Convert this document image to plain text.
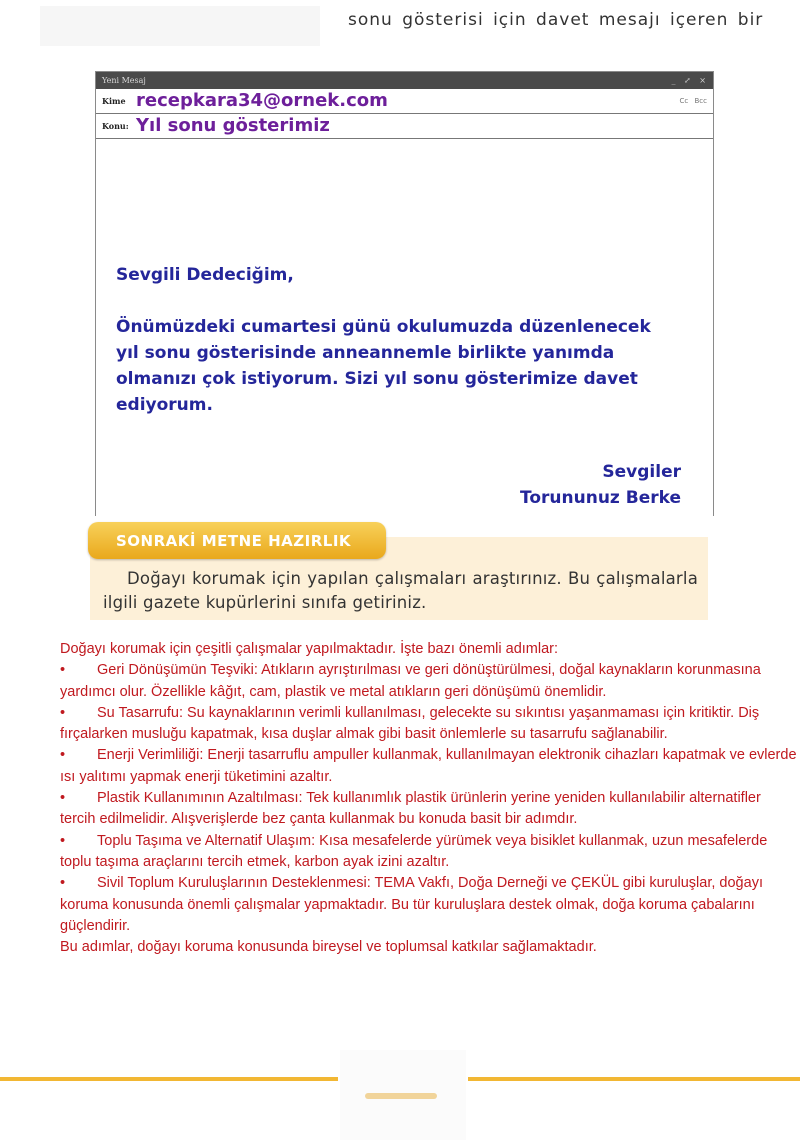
sonu gösterisi için davet mesajı içeren bir
Yeni Mesaj	_ ⤢ ×
Kime recepkara34@ornek.com	Cc Bcc
Konu: Yıl sonu gösterimiz
Sevgili Dedeciğim,
Önümüzdeki cumartesi günü okulumuzda düzenlenecek yıl sonu gösterisinde anneannemle birlikte yanımda olmanızı çok istiyorum. Sizi yıl sonu gösterimize davet ediyorum.
Sevgiler
Torununuz Berke
SONRAKİ METNE HAZIRLIK
Doğayı korumak için yapılan çalışmaları araştırınız. Bu çalışmalarla ilgili gazete kupürlerini sınıfa getiriniz.

Doğayı korumak için çeşitli çalışmalar yapılmaktadır. İşte bazı önemli adımlar:

• Geri Dönüşümün Teşviki: Atıkların ayrıştırılması ve geri dönüştürülmesi, doğal kaynakların korunmasına yardımcı olur. Özellikle kâğıt, cam, plastik ve metal atıkların geri dönüşümü önemlidir.

• Su Tasarrufu: Su kaynaklarının verimli kullanılması, gelecekte su sıkıntısı yaşanmaması için kritiktir. Diş fırçalarken musluğu kapatmak, kısa duşlar almak gibi basit önlemlerle su tasarrufu sağlanabilir.

• Enerji Verimliliği: Enerji tasarruflu ampuller kullanmak, kullanılmayan elektronik cihazları kapatmak ve evlerde ısı yalıtımı yapmak enerji tüketimini azaltır.

• Plastik Kullanımının Azaltılması: Tek kullanımlık plastik ürünlerin yerine yeniden kullanılabilir alternatifler tercih edilmelidir. Alışverişlerde bez çanta kullanmak bu konuda basit bir adımdır.

• Toplu Taşıma ve Alternatif Ulaşım: Kısa mesafelerde yürümek veya bisiklet kullanmak, uzun mesafelerde toplu taşıma araçlarını tercih etmek, karbon ayak izini azaltır.

• Sivil Toplum Kuruluşlarının Desteklenmesi: TEMA Vakfı, Doğa Derneği ve ÇEKÜL gibi kuruluşlar, doğayı koruma konusunda önemli çalışmalar yapmaktadır. Bu tür kuruluşlara destek olmak, doğa koruma çabalarını güçlendirir.

Bu adımlar, doğayı koruma konusunda bireysel ve toplumsal katkılar sağlamaktadır.
